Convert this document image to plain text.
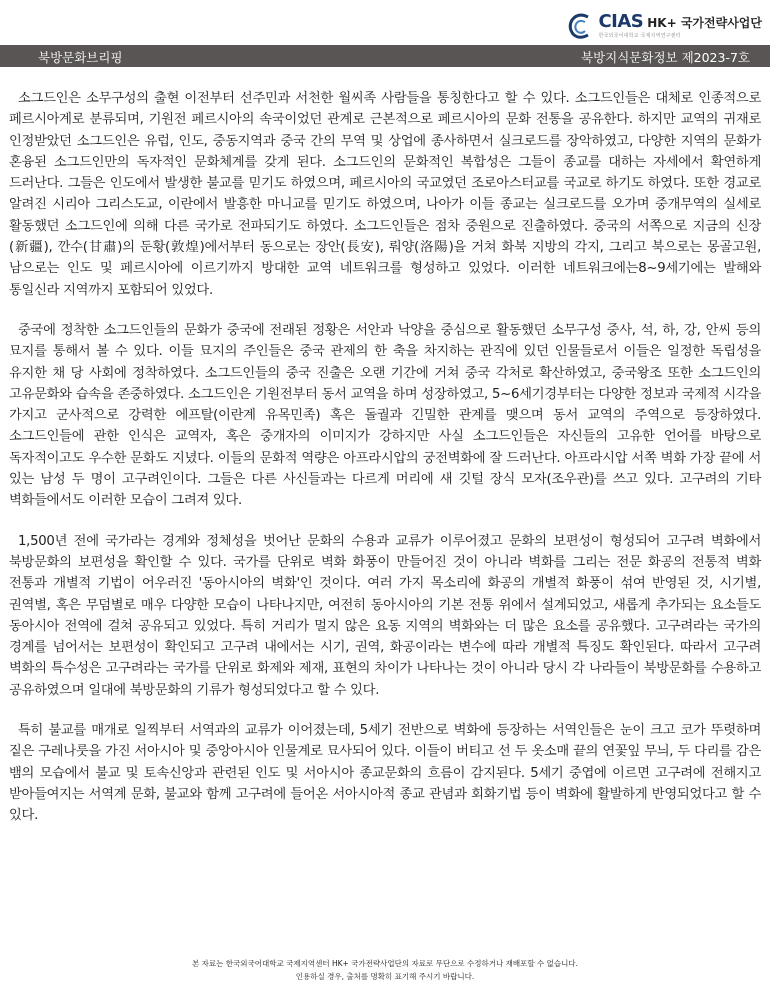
CIAS HK+ 국가전략사업단
한국외국어대학교 국제지역연구센터
북방문화브리핑	북방지식문화정보 제2023-7호

소그드인은 소무구성의 출현 이전부터 선주민과 서천한 월씨족 사람들을 통칭한다고 할 수 있다. 소그드인들은 대체로 인종적으로 페르시아계로 분류되며, 기원전 페르시아의 속국이었던 관계로 근본적으로 페르시아의 문화 전통을 공유한다. 하지만 교역의 귀재로 인정받았던 소그드인은 유럽, 인도, 중동지역과 중국 간의 무역 및 상업에 종사하면서 실크로드를 장악하였고, 다양한 지역의 문화가 혼융된 소그드인만의 독자적인 문화체계를 갖게 된다. 소그드인의 문화적인 복합성은 그들이 종교를 대하는 자세에서 확연하게 드러난다. 그들은 인도에서 발생한 불교를 믿기도 하였으며, 페르시아의 국교였던 조로아스터교를 국교로 하기도 하였다. 또한 경교로 알려진 시리아 그리스도교, 이란에서 발흥한 마니교를 믿기도 하였으며, 나아가 이들 종교는 실크로드를 오가며 중개무역의 실세로 활동했던 소그드인에 의해 다른 국가로 전파되기도 하였다. 소그드인들은 점차 중원으로 진출하였다. 중국의 서쪽으로 지금의 신장(新疆), 깐수(甘肅)의 둔황(敦煌)에서부터 동으로는 장안(長安), 뤄양(洛陽)을 거쳐 화북 지방의 각지, 그리고 북으로는 몽골고원, 남으로는 인도 및 페르시아에 이르기까지 방대한 교역 네트워크를 형성하고 있었다. 이러한 네트워크에는8~9세기에는 발해와 통일신라 지역까지 포함되어 있었다.

중국에 정착한 소그드인들의 문화가 중국에 전래된 정황은 서안과 낙양을 중심으로 활동했던 소무구성 중사, 석, 하, 강, 안씨 등의 묘지를 통해서 볼 수 있다. 이들 묘지의 주인들은 중국 관제의 한 축을 차지하는 관직에 있던 인물들로서 이들은 일정한 독립성을 유지한 채 당 사회에 정착하였다. 소그드인들의 중국 진출은 오랜 기간에 거쳐 중국 각처로 확산하였고, 중국왕조 또한 소그드인의 고유문화와 습속을 존중하였다. 소그드인은 기원전부터 동서 교역을 하며 성장하였고, 5~6세기경부터는 다양한 정보과 국제적 시각을 가지고 군사적으로 강력한 에프탈(이란계 유목민족) 혹은 돌궐과 긴밀한 관계를 맺으며 동서 교역의 주역으로 등장하였다. 소그드인들에 관한 인식은 교역자, 혹은 중개자의 이미지가 강하지만 사실 소그드인들은 자신들의 고유한 언어를 바탕으로 독자적이고도 우수한 문화도 지녔다. 이들의 문화적 역량은 아프라시압의 궁전벽화에 잘 드러난다. 아프라시압 서쪽 벽화 가장 끝에 서 있는 남성 두 명이 고구려인이다. 그들은 다른 사신들과는 다르게 머리에 새 깃털 장식 모자(조우관)를 쓰고 있다. 고구려의 기타 벽화들에서도 이러한 모습이 그려져 있다.

1,500년 전에 국가라는 경계와 정체성을 벗어난 문화의 수용과 교류가 이루어졌고 문화의 보편성이 형성되어 고구려 벽화에서 북방문화의 보편성을 확인할 수 있다. 국가를 단위로 벽화 화풍이 만들어진 것이 아니라 벽화를 그리는 전문 화공의 전통적 벽화 전통과 개별적 기법이 어우러진 '동아시아의 벽화'인 것이다. 여러 가지 목소리에 화공의 개별적 화풍이 섞여 반영된 것, 시기별, 권역별, 혹은 무덤별로 매우 다양한 모습이 나타나지만, 여전히 동아시아의 기본 전통 위에서 설계되었고, 새롭게 추가되는 요소들도 동아시아 전역에 걸쳐 공유되고 있었다. 특히 거리가 멀지 않은 요동 지역의 벽화와는 더 많은 요소를 공유했다. 고구려라는 국가의 경계를 넘어서는 보편성이 확인되고 고구려 내에서는 시기, 권역, 화공이라는 변수에 따라 개별적 특징도 확인된다. 따라서 고구려 벽화의 특수성은 고구려라는 국가를 단위로 화제와 제재, 표현의 차이가 나타나는 것이 아니라 당시 각 나라들이 북방문화를 수용하고 공유하였으며 일대에 북방문화의 기류가 형성되었다고 할 수 있다.

특히 불교를 매개로 일찍부터 서역과의 교류가 이어졌는데, 5세기 전반으로 벽화에 등장하는 서역인들은 눈이 크고 코가 뚜렷하며 짙은 구레나룻을 가진 서아시아 및 중앙아시아 인물계로 묘사되어 있다. 이들이 버티고 선 두 옷소매 끝의 연꽃잎 무늬, 두 다리를 감은 뱀의 모습에서 불교 및 토속신앙과 관련된 인도 및 서아시아 종교문화의 흐름이 감지된다. 5세기 중엽에 이르면 고구려에 전해지고 받아들여지는 서역계 문화, 불교와 함께 고구려에 들어온 서아시아적 종교 관념과 회화기법 등이 벽화에 활발하게 반영되었다고 할 수 있다.

본 자료는 한국외국어대학교 국제지역센터 HK+ 국가전략사업단의 자료로 무단으로 수정하거나 재배포할 수 없습니다.
인용하실 경우, 출처를 명확히 표기해 주시기 바랍니다.
